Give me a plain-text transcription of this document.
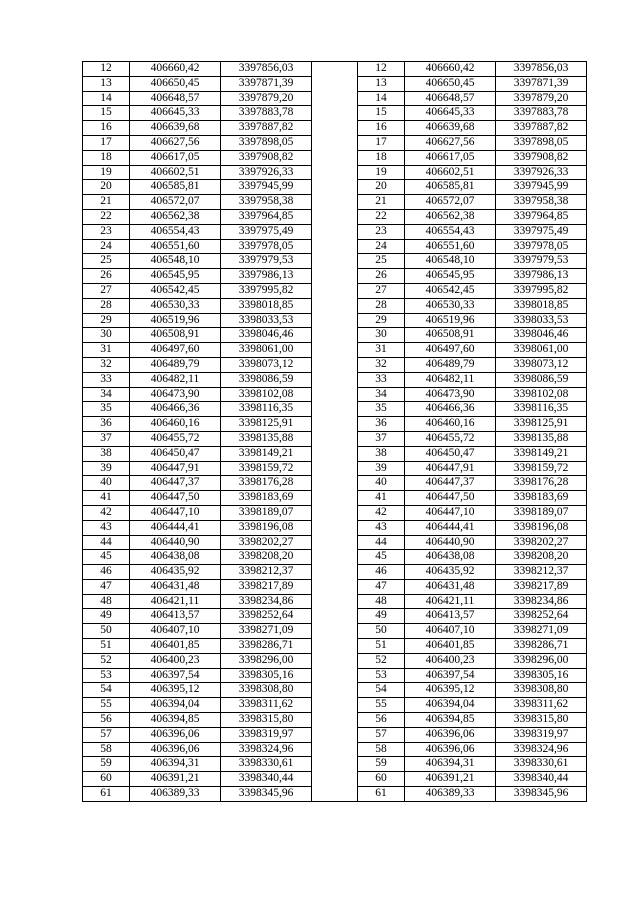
12	406660,42	3397856,03		12	406660,42	3397856,03
13	406650,45	3397871,39		13	406650,45	3397871,39
14	406648,57	3397879,20		14	406648,57	3397879,20
15	406645,33	3397883,78		15	406645,33	3397883,78
16	406639,68	3397887,82		16	406639,68	3397887,82
17	406627,56	3397898,05		17	406627,56	3397898,05
18	406617,05	3397908,82		18	406617,05	3397908,82
19	406602,51	3397926,33		19	406602,51	3397926,33
20	406585,81	3397945,99		20	406585,81	3397945,99
21	406572,07	3397958,38		21	406572,07	3397958,38
22	406562,38	3397964,85		22	406562,38	3397964,85
23	406554,43	3397975,49		23	406554,43	3397975,49
24	406551,60	3397978,05		24	406551,60	3397978,05
25	406548,10	3397979,53		25	406548,10	3397979,53
26	406545,95	3397986,13		26	406545,95	3397986,13
27	406542,45	3397995,82		27	406542,45	3397995,82
28	406530,33	3398018,85		28	406530,33	3398018,85
29	406519,96	3398033,53		29	406519,96	3398033,53
30	406508,91	3398046,46		30	406508,91	3398046,46
31	406497,60	3398061,00		31	406497,60	3398061,00
32	406489,79	3398073,12		32	406489,79	3398073,12
33	406482,11	3398086,59		33	406482,11	3398086,59
34	406473,90	3398102,08		34	406473,90	3398102,08
35	406466,36	3398116,35		35	406466,36	3398116,35
36	406460,16	3398125,91		36	406460,16	3398125,91
37	406455,72	3398135,88		37	406455,72	3398135,88
38	406450,47	3398149,21		38	406450,47	3398149,21
39	406447,91	3398159,72		39	406447,91	3398159,72
40	406447,37	3398176,28		40	406447,37	3398176,28
41	406447,50	3398183,69		41	406447,50	3398183,69
42	406447,10	3398189,07		42	406447,10	3398189,07
43	406444,41	3398196,08		43	406444,41	3398196,08
44	406440,90	3398202,27		44	406440,90	3398202,27
45	406438,08	3398208,20		45	406438,08	3398208,20
46	406435,92	3398212,37		46	406435,92	3398212,37
47	406431,48	3398217,89		47	406431,48	3398217,89
48	406421,11	3398234,86		48	406421,11	3398234,86
49	406413,57	3398252,64		49	406413,57	3398252,64
50	406407,10	3398271,09		50	406407,10	3398271,09
51	406401,85	3398286,71		51	406401,85	3398286,71
52	406400,23	3398296,00		52	406400,23	3398296,00
53	406397,54	3398305,16		53	406397,54	3398305,16
54	406395,12	3398308,80		54	406395,12	3398308,80
55	406394,04	3398311,62		55	406394,04	3398311,62
56	406394,85	3398315,80		56	406394,85	3398315,80
57	406396,06	3398319,97		57	406396,06	3398319,97
58	406396,06	3398324,96		58	406396,06	3398324,96
59	406394,31	3398330,61		59	406394,31	3398330,61
60	406391,21	3398340,44		60	406391,21	3398340,44
61	406389,33	3398345,96		61	406389,33	3398345,96
